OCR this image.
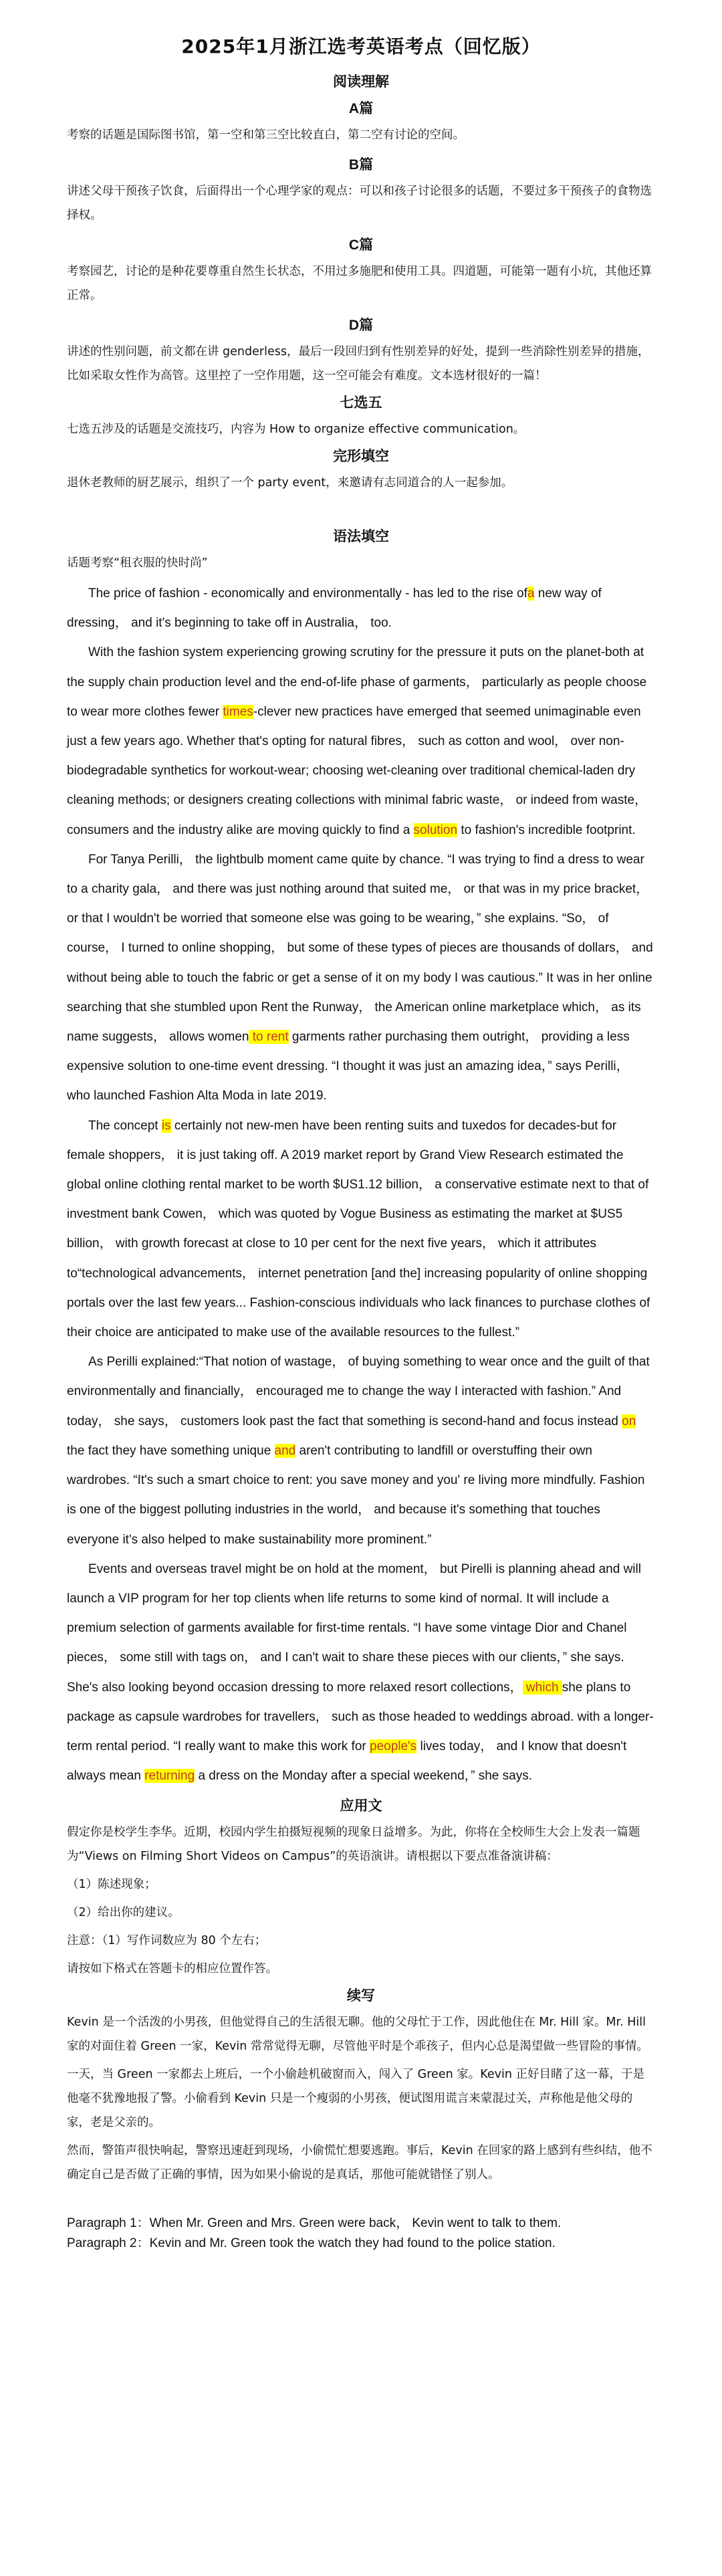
2025年1月浙江选考英语考点（回忆版）
阅读理解
A篇
考察的话题是国际图书馆，第一空和第三空比较直白，第二空有讨论的空间。
B篇
讲述父母干预孩子饮食，后面得出一个心理学家的观点：可以和孩子讨论很多的话题，不要过多干预孩子的食物选择权。
C篇
考察园艺，讨论的是种花要尊重自然生长状态，不用过多施肥和使用工具。四道题，可能第一题有小坑，其他还算正常。
D篇
讲述的性别问题，前文都在讲 genderless，最后一段回归到有性别差异的好处，提到一些消除性别差异的措施，比如采取女性作为高管。这里控了一空作用题，这一空可能会有难度。文本选材很好的一篇！
七选五
七选五涉及的话题是交流技巧，内容为 How to organize effective communication。
完形填空
退休老教师的厨艺展示，组织了一个 party event，来邀请有志同道合的人一起参加。
语法填空
话题考察“租衣服的快时尚”

The price of fashion - economically and environmentally - has led to the rise ofa new way of dressing， and it's beginning to take off in Australia， too.

With the fashion system experiencing growing scrutiny for the pressure it puts on the planet-both at the supply chain production level and the end-of-life phase of garments， particularly as people choose to wear more clothes fewer times-clever new practices have emerged that seemed unimaginable even just a few years ago. Whether that's opting for natural fibres， such as cotton and wool， over non-biodegradable synthetics for workout-wear; choosing wet-cleaning over traditional chemical-laden dry cleaning methods; or designers creating collections with minimal fabric waste， or indeed from waste， consumers and the industry alike are moving quickly to find a solution to fashion's incredible footprint.

For Tanya Perilli， the lightbulb moment came quite by chance. “I was trying to find a dress to wear to a charity gala， and there was just nothing around that suited me， or that was in my price bracket， or that I wouldn't be worried that someone else was going to be wearing，” she explains. “So， of course， I turned to online shopping， but some of these types of pieces are thousands of dollars， and without being able to touch the fabric or get a sense of it on my body I was cautious.” It was in her online searching that she stumbled upon Rent the Runway， the American online marketplace which， as its name suggests， allows women to rent garments rather purchasing them outright， providing a less expensive solution to one-time event dressing. “I thought it was just an amazing idea，” says Perilli， who launched Fashion Alta Moda in late 2019.

The concept is certainly not new-men have been renting suits and tuxedos for decades-but for female shoppers， it is just taking off. A 2019 market report by Grand View Research estimated the global online clothing rental market to be worth $US1.12 billion， a conservative estimate next to that of investment bank Cowen， which was quoted by Vogue Business as estimating the market at $US5 billion， with growth forecast at close to 10 per cent for the next five years， which it attributes to“technological advancements， internet penetration [and the] increasing popularity of online shopping portals over the last few years... Fashion-conscious individuals who lack finances to purchase clothes of their choice are anticipated to make use of the available resources to the fullest.”

As Perilli explained:“That notion of wastage， of buying something to wear once and the guilt of that environmentally and financially， encouraged me to change the way I interacted with fashion.” And today， she says， customers look past the fact that something is second-hand and focus instead on the fact they have something unique and aren't contributing to landfill or overstuffing their own wardrobes. “It's such a smart choice to rent: you save money and you' re living more mindfully. Fashion is one of the biggest polluting industries in the world， and because it's something that touches everyone it's also helped to make sustainability more prominent.”

Events and overseas travel might be on hold at the moment， but Pirelli is planning ahead and will launch a VIP program for her top clients when life returns to some kind of normal. It will include a premium selection of garments available for first-time rentals. “I have some vintage Dior and Chanel pieces， some still with tags on， and I can't wait to share these pieces with our clients，” she says. She's also looking beyond occasion dressing to more relaxed resort collections， which she plans to package as capsule wardrobes for travellers， such as those headed to weddings abroad. with a longer-term rental period. “I really want to make this work for people's lives today， and I know that doesn't always mean returning a dress on the Monday after a special weekend，” she says.

应用文
假定你是校学生李华。近期，校园内学生拍摄短视频的现象日益增多。为此，你将在全校师生大会上发表一篇题为“Views on Filming Short Videos on Campus”的英语演讲。请根据以下要点准备演讲稿：
（1）陈述现象；
（2）给出你的建议。
注意：（1）写作词数应为 80 个左右；
请按如下格式在答题卡的相应位置作答。
续写
Kevin 是一个活泼的小男孩，但他觉得自己的生活很无聊。他的父母忙于工作，因此他住在 Mr. Hill 家。Mr. Hill 家的对面住着 Green 一家，Kevin 常常觉得无聊，尽管他平时是个乖孩子，但内心总是渴望做一些冒险的事情。
一天，当 Green 一家都去上班后，一个小偷趁机破窗而入，闯入了 Green 家。Kevin 正好目睹了这一幕，于是他毫不犹豫地报了警。小偷看到 Kevin 只是一个瘦弱的小男孩，便试图用谎言来蒙混过关，声称他是他父母的家，老是父亲的。
然而，警笛声很快响起，警察迅速赶到现场，小偷慌忙想要逃跑。事后，Kevin 在回家的路上感到有些纠结，他不确定自己是否做了正确的事情，因为如果小偷说的是真话，那他可能就错怪了别人。

Paragraph 1：When Mr. Green and Mrs. Green were back， Kevin went to talk to them.

Paragraph 2：Kevin and Mr. Green took the watch they had found to the police station.
